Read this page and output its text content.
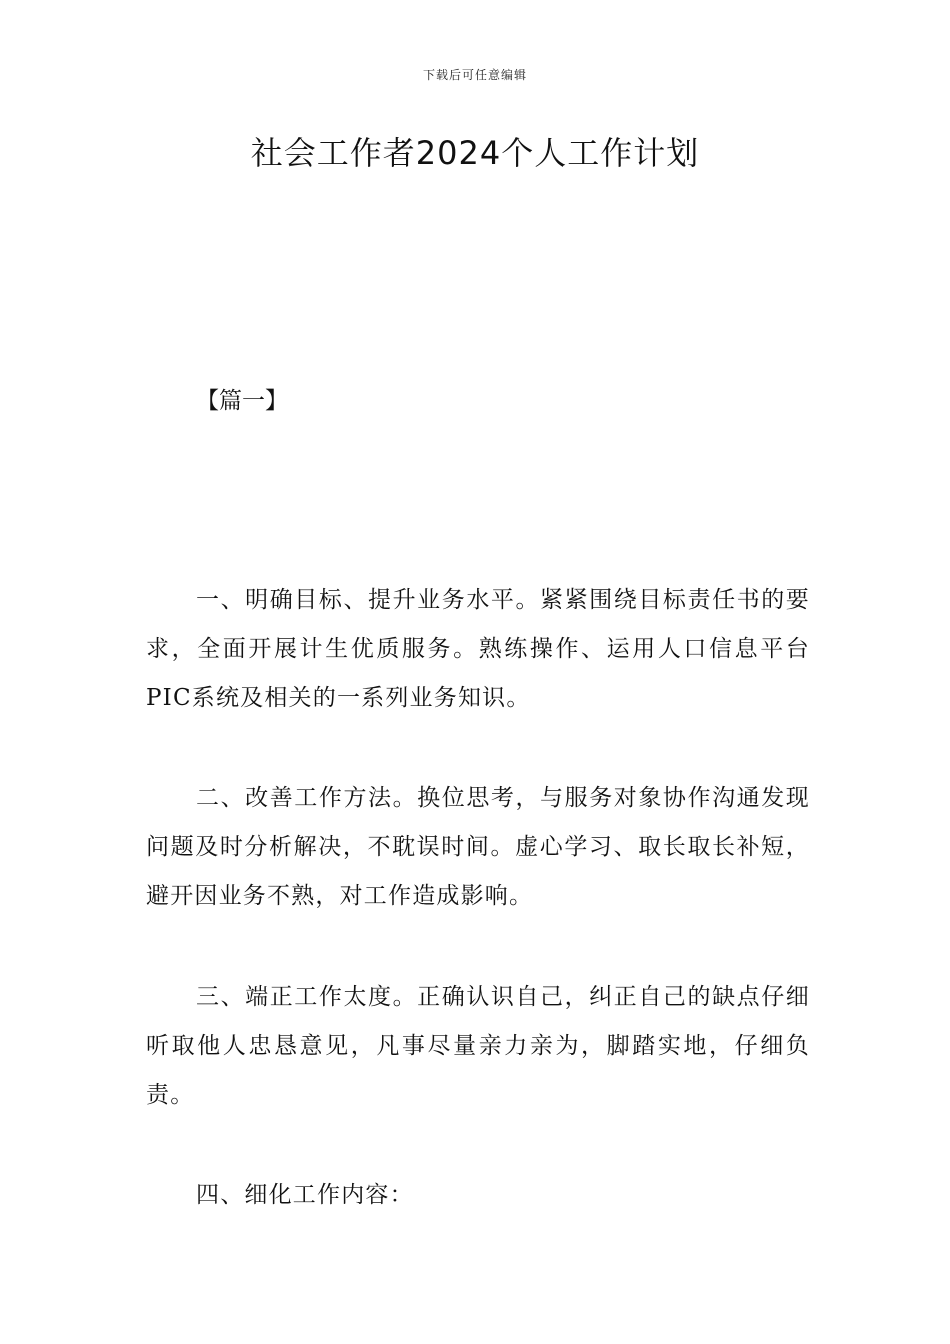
下载后可任意编辑
社会工作者2024个人工作计划
【篇一】

一、明确目标、提升业务水平。紧紧围绕目标责任书的要求，全面开展计生优质服务。熟练操作、运用人口信息平台PIC系统及相关的一系列业务知识。

二、改善工作方法。换位思考，与服务对象协作沟通发现问题及时分析解决，不耽误时间。虚心学习、取长取长补短，避开因业务不熟，对工作造成影响。

三、端正工作太度。正确认识自己，纠正自己的缺点仔细听取他人忠恳意见，凡事尽量亲力亲为，脚踏实地，仔细负责。

四、细化工作内容：
